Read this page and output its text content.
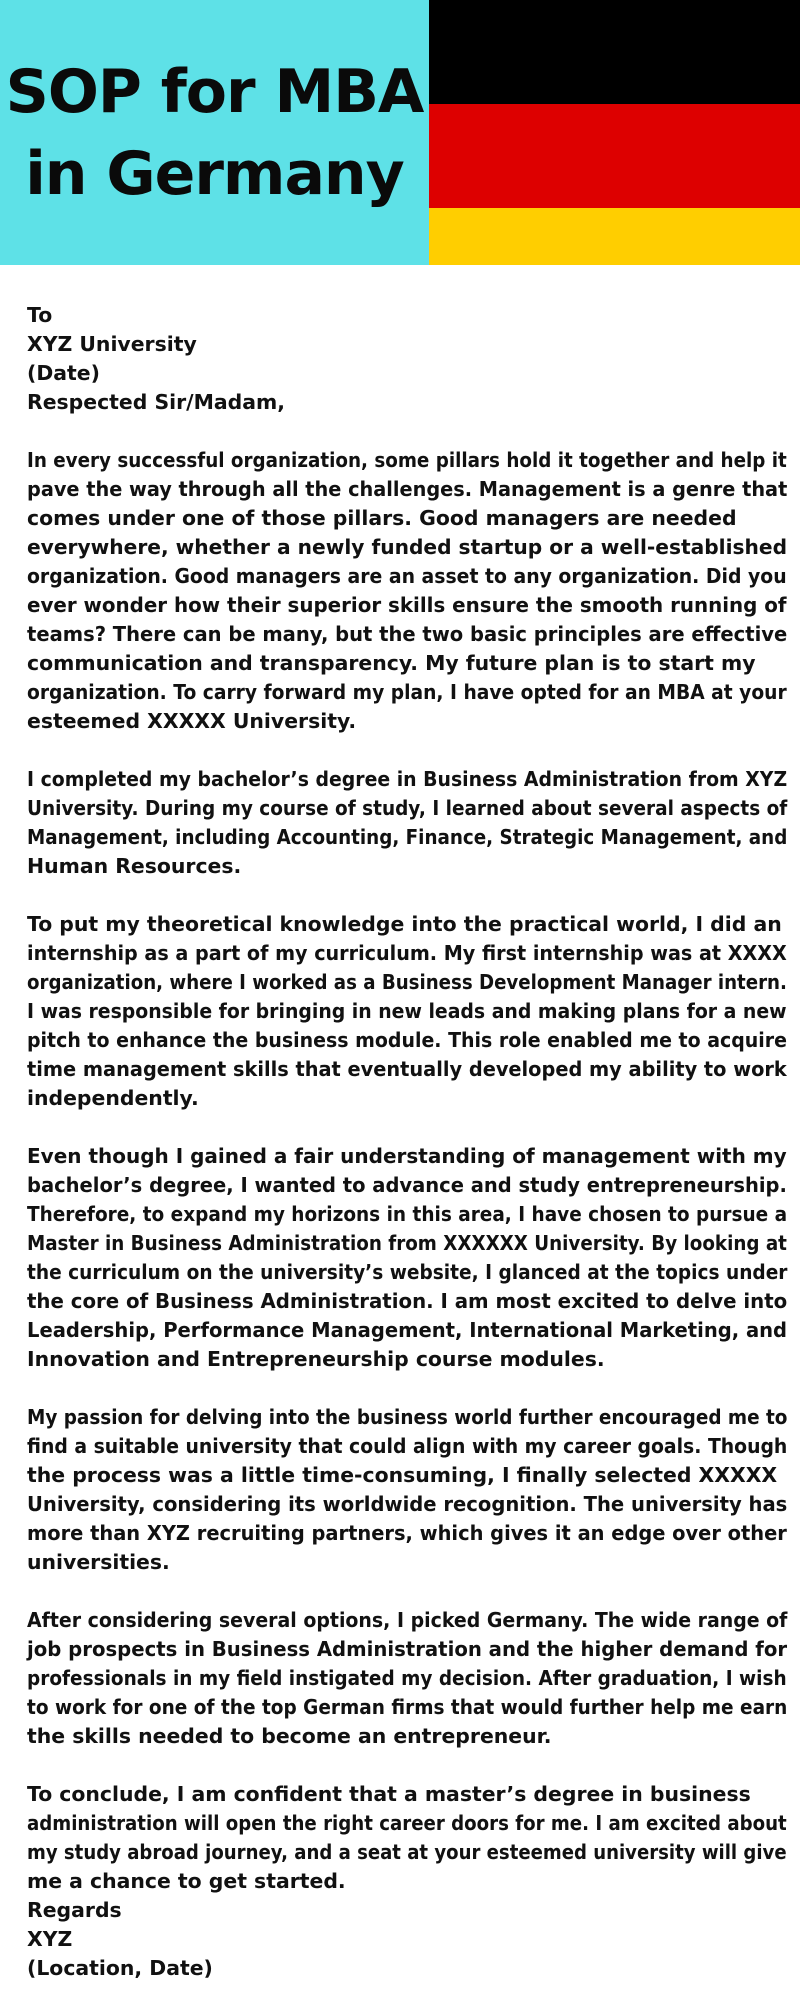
SOP for MBA
in Germany
To
XYZ University
(Date)
Respected Sir/Madam,
In every successful organization, some pillars hold it together and help it
pave the way through all the challenges. Management is a genre that
comes under one of those pillars. Good managers are needed
everywhere, whether a newly funded startup or a well-established
organization. Good managers are an asset to any organization. Did you
ever wonder how their superior skills ensure the smooth running of
teams? There can be many, but the two basic principles are effective
communication and transparency. My future plan is to start my
organization. To carry forward my plan, I have opted for an MBA at your
esteemed XXXXX University.
I completed my bachelor’s degree in Business Administration from XYZ
University. During my course of study, I learned about several aspects of
Management, including Accounting, Finance, Strategic Management, and
Human Resources.
To put my theoretical knowledge into the practical world, I did an
internship as a part of my curriculum. My first internship was at XXXX
organization, where I worked as a Business Development Manager intern.
I was responsible for bringing in new leads and making plans for a new
pitch to enhance the business module. This role enabled me to acquire
time management skills that eventually developed my ability to work
independently.
Even though I gained a fair understanding of management with my
bachelor’s degree, I wanted to advance and study entrepreneurship.
Therefore, to expand my horizons in this area, I have chosen to pursue a
Master in Business Administration from XXXXXX University. By looking at
the curriculum on the university’s website, I glanced at the topics under
the core of Business Administration. I am most excited to delve into
Leadership, Performance Management, International Marketing, and
Innovation and Entrepreneurship course modules.
My passion for delving into the business world further encouraged me to
find a suitable university that could align with my career goals. Though
the process was a little time-consuming, I finally selected XXXXX
University, considering its worldwide recognition. The university has
more than XYZ recruiting partners, which gives it an edge over other
universities.
After considering several options, I picked Germany. The wide range of
job prospects in Business Administration and the higher demand for
professionals in my field instigated my decision. After graduation, I wish
to work for one of the top German firms that would further help me earn
the skills needed to become an entrepreneur.
To conclude, I am confident that a master’s degree in business
administration will open the right career doors for me. I am excited about
my study abroad journey, and a seat at your esteemed university will give
me a chance to get started.
Regards
XYZ
(Location, Date)
